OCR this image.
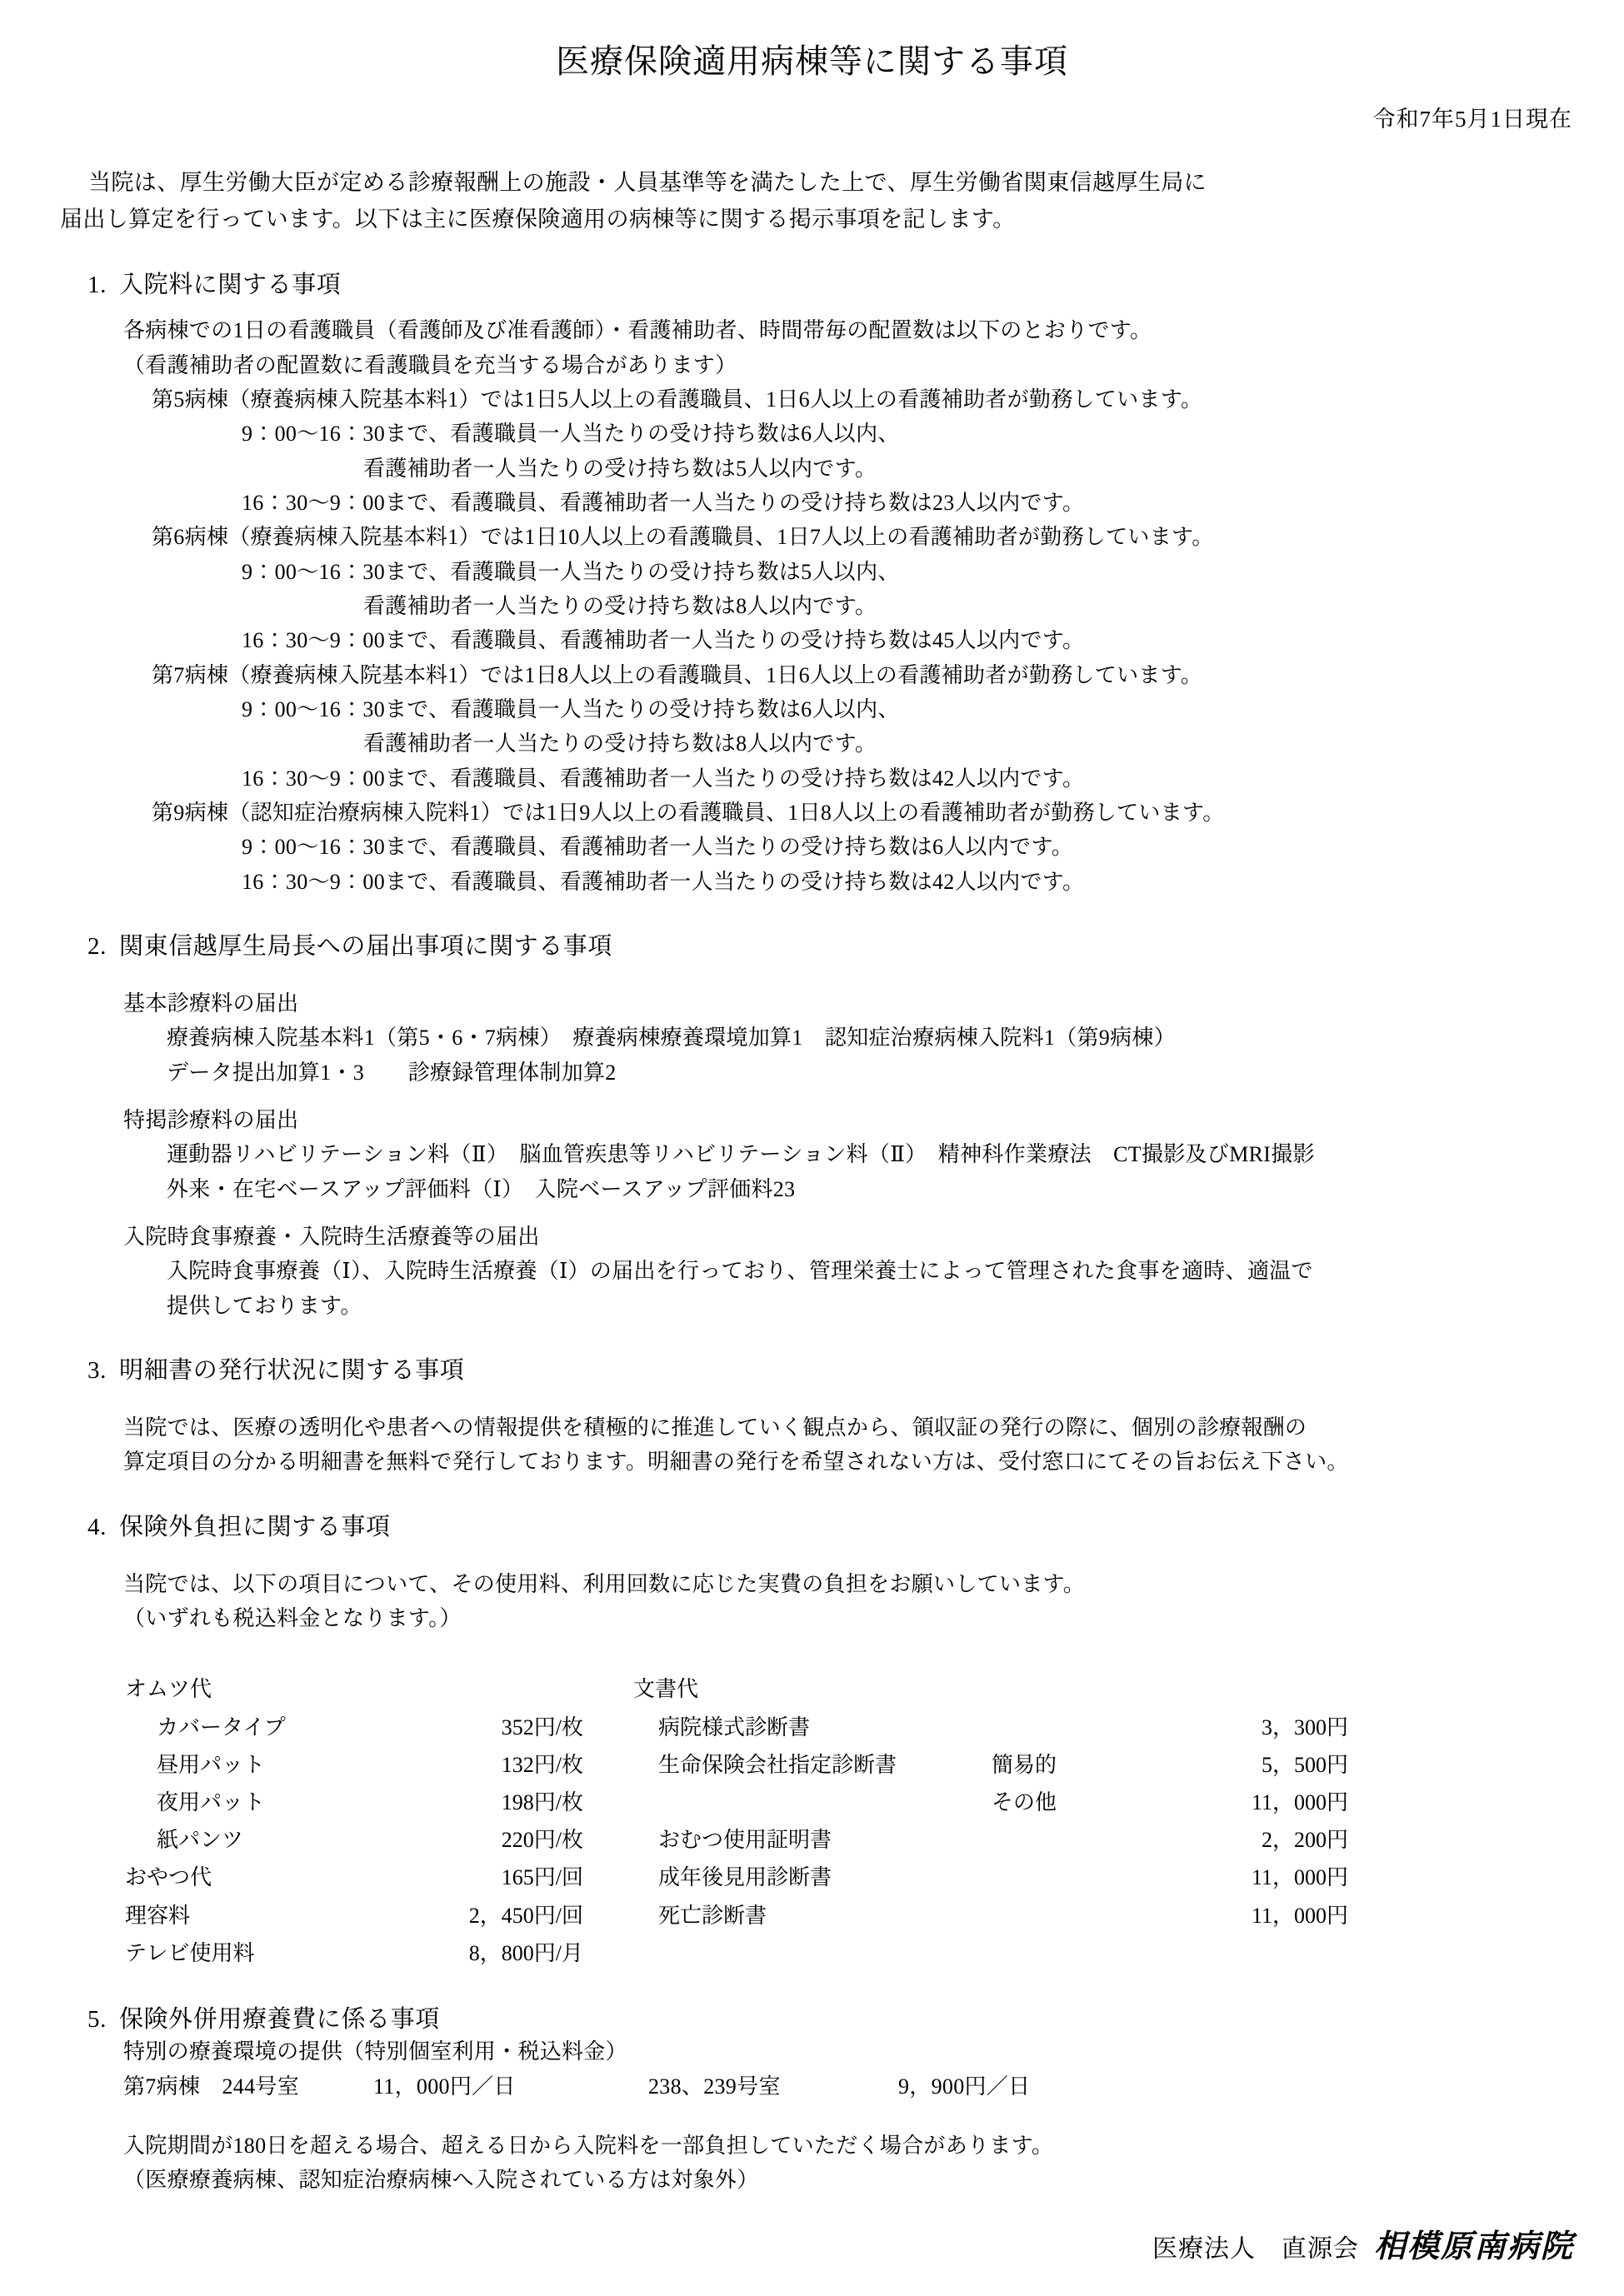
医療保険適用病棟等に関する事項
令和7年5月1日現在
当院は、厚生労働大臣が定める診療報酬上の施設・人員基準等を満たした上で、厚生労働省関東信越厚生局に
届出し算定を行っています。以下は主に医療保険適用の病棟等に関する掲示事項を記します。
1. 入院料に関する事項
各病棟での1日の看護職員（看護師及び准看護師）・看護補助者、時間帯毎の配置数は以下のとおりです。
（看護補助者の配置数に看護職員を充当する場合があります）
第5病棟（療養病棟入院基本料1）では1日5人以上の看護職員、1日6人以上の看護補助者が勤務しています。
9：00～16：30まで、看護職員一人当たりの受け持ち数は6人以内、
看護補助者一人当たりの受け持ち数は5人以内です。
16：30～9：00まで、看護職員、看護補助者一人当たりの受け持ち数は23人以内です。
第6病棟（療養病棟入院基本料1）では1日10人以上の看護職員、1日7人以上の看護補助者が勤務しています。
9：00～16：30まで、看護職員一人当たりの受け持ち数は5人以内、
看護補助者一人当たりの受け持ち数は8人以内です。
16：30～9：00まで、看護職員、看護補助者一人当たりの受け持ち数は45人以内です。
第7病棟（療養病棟入院基本料1）では1日8人以上の看護職員、1日6人以上の看護補助者が勤務しています。
9：00～16：30まで、看護職員一人当たりの受け持ち数は6人以内、
看護補助者一人当たりの受け持ち数は8人以内です。
16：30～9：00まで、看護職員、看護補助者一人当たりの受け持ち数は42人以内です。
第9病棟（認知症治療病棟入院料1）では1日9人以上の看護職員、1日8人以上の看護補助者が勤務しています。
9：00～16：30まで、看護職員、看護補助者一人当たりの受け持ち数は6人以内です。
16：30～9：00まで、看護職員、看護補助者一人当たりの受け持ち数は42人以内です。
2. 関東信越厚生局長への届出事項に関する事項
基本診療料の届出
療養病棟入院基本料1（第5・6・7病棟）　療養病棟療養環境加算1　認知症治療病棟入院料1（第9病棟）
データ提出加算1・3　　診療録管理体制加算2
特掲診療料の届出
運動器リハビリテーション料（Ⅱ）　脳血管疾患等リハビリテーション料（Ⅱ）　精神科作業療法　CT撮影及びMRI撮影
外来・在宅ベースアップ評価料（Ⅰ）　入院ベースアップ評価料23
入院時食事療養・入院時生活療養等の届出
入院時食事療養（Ⅰ）、入院時生活療養（Ⅰ）の届出を行っており、管理栄養士によって管理された食事を適時、適温で
提供しております。
3. 明細書の発行状況に関する事項
当院では、医療の透明化や患者への情報提供を積極的に推進していく観点から、領収証の発行の際に、個別の診療報酬の
算定項目の分かる明細書を無料で発行しております。明細書の発行を希望されない方は、受付窓口にてその旨お伝え下さい。
4. 保険外負担に関する事項
当院では、以下の項目について、その使用料、利用回数に応じた実費の負担をお願いしています。
（いずれも税込料金となります。）
オムツ代
カバータイプ	352円/枚
昼用パット	132円/枚
夜用パット	198円/枚
紙パンツ	220円/枚
おやつ代	165円/回
理容料	2，450円/回
テレビ使用料	8，800円/月
文書代
病院様式診断書	3，300円
生命保険会社指定診断書	簡易的	5，500円
その他	11，000円
おむつ使用証明書	2，200円
成年後見用診断書	11，000円
死亡診断書	11，000円
5. 保険外併用療養費に係る事項
特別の療養環境の提供（特別個室利用・税込料金）
第7病棟　244号室	11，000円／日	238、239号室	9，900円／日
入院期間が180日を超える場合、超える日から入院料を一部負担していただく場合があります。
（医療療養病棟、認知症治療病棟へ入院されている方は対象外）
医療法人　直源会 相模原南病院
